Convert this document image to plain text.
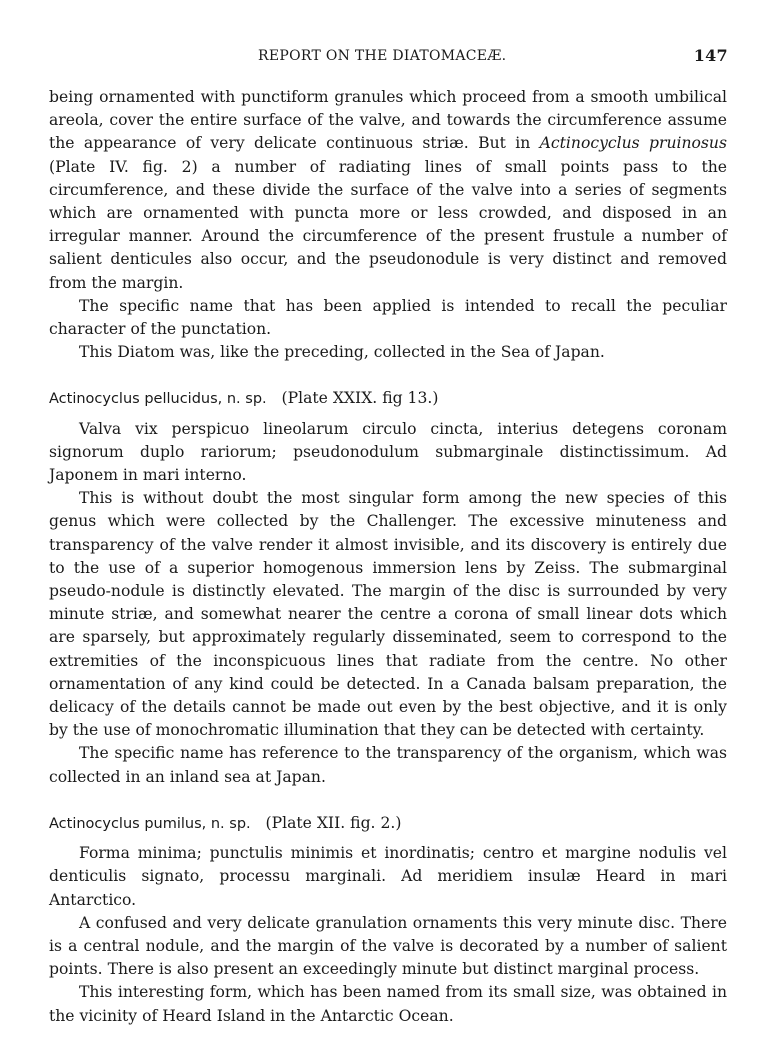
REPORT ON THE DIATOMACEÆ.	147

being ornamented with punctiform granules which proceed from a smooth umbilical areola, cover the entire surface of the valve, and towards the circumference assume the appearance of very delicate continuous striæ. But in Actinocyclus pruinosus (Plate IV. fig. 2) a number of radiating lines of small points pass to the circumference, and these divide the surface of the valve into a series of segments which are ornamented with puncta more or less crowded, and disposed in an irregular manner. Around the circumference of the present frustule a number of salient denticules also occur, and the pseudonodule is very distinct and removed from the margin.

The specific name that has been applied is intended to recall the peculiar character of the punctation.

This Diatom was, like the preceding, collected in the Sea of Japan.

Actinocyclus pellucidus, n. sp. (Plate XXIX. fig 13.)

Valva vix perspicuo lineolarum circulo cincta, interius detegens coronam signorum duplo rariorum; pseudonodulum submarginale distinctissimum. Ad Japonem in mari interno.

This is without doubt the most singular form among the new species of this genus which were collected by the Challenger. The excessive minuteness and transparency of the valve render it almost invisible, and its discovery is entirely due to the use of a superior homogenous immersion lens by Zeiss. The submarginal pseudo-nodule is distinctly elevated. The margin of the disc is surrounded by very minute striæ, and somewhat nearer the centre a corona of small linear dots which are sparsely, but approximately regularly disseminated, seem to correspond to the extremities of the inconspicuous lines that radiate from the centre. No other ornamentation of any kind could be detected. In a Canada balsam preparation, the delicacy of the details cannot be made out even by the best objective, and it is only by the use of monochromatic illumination that they can be detected with certainty.

The specific name has reference to the transparency of the organism, which was collected in an inland sea at Japan.

Actinocyclus pumilus, n. sp. (Plate XII. fig. 2.)

Forma minima; punctulis minimis et inordinatis; centro et margine nodulis vel denticulis signato, processu marginali. Ad meridiem insulæ Heard in mari Antarctico.

A confused and very delicate granulation ornaments this very minute disc. There is a central nodule, and the margin of the valve is decorated by a number of salient points. There is also present an exceedingly minute but distinct marginal process.

This interesting form, which has been named from its small size, was obtained in the vicinity of Heard Island in the Antarctic Ocean.
